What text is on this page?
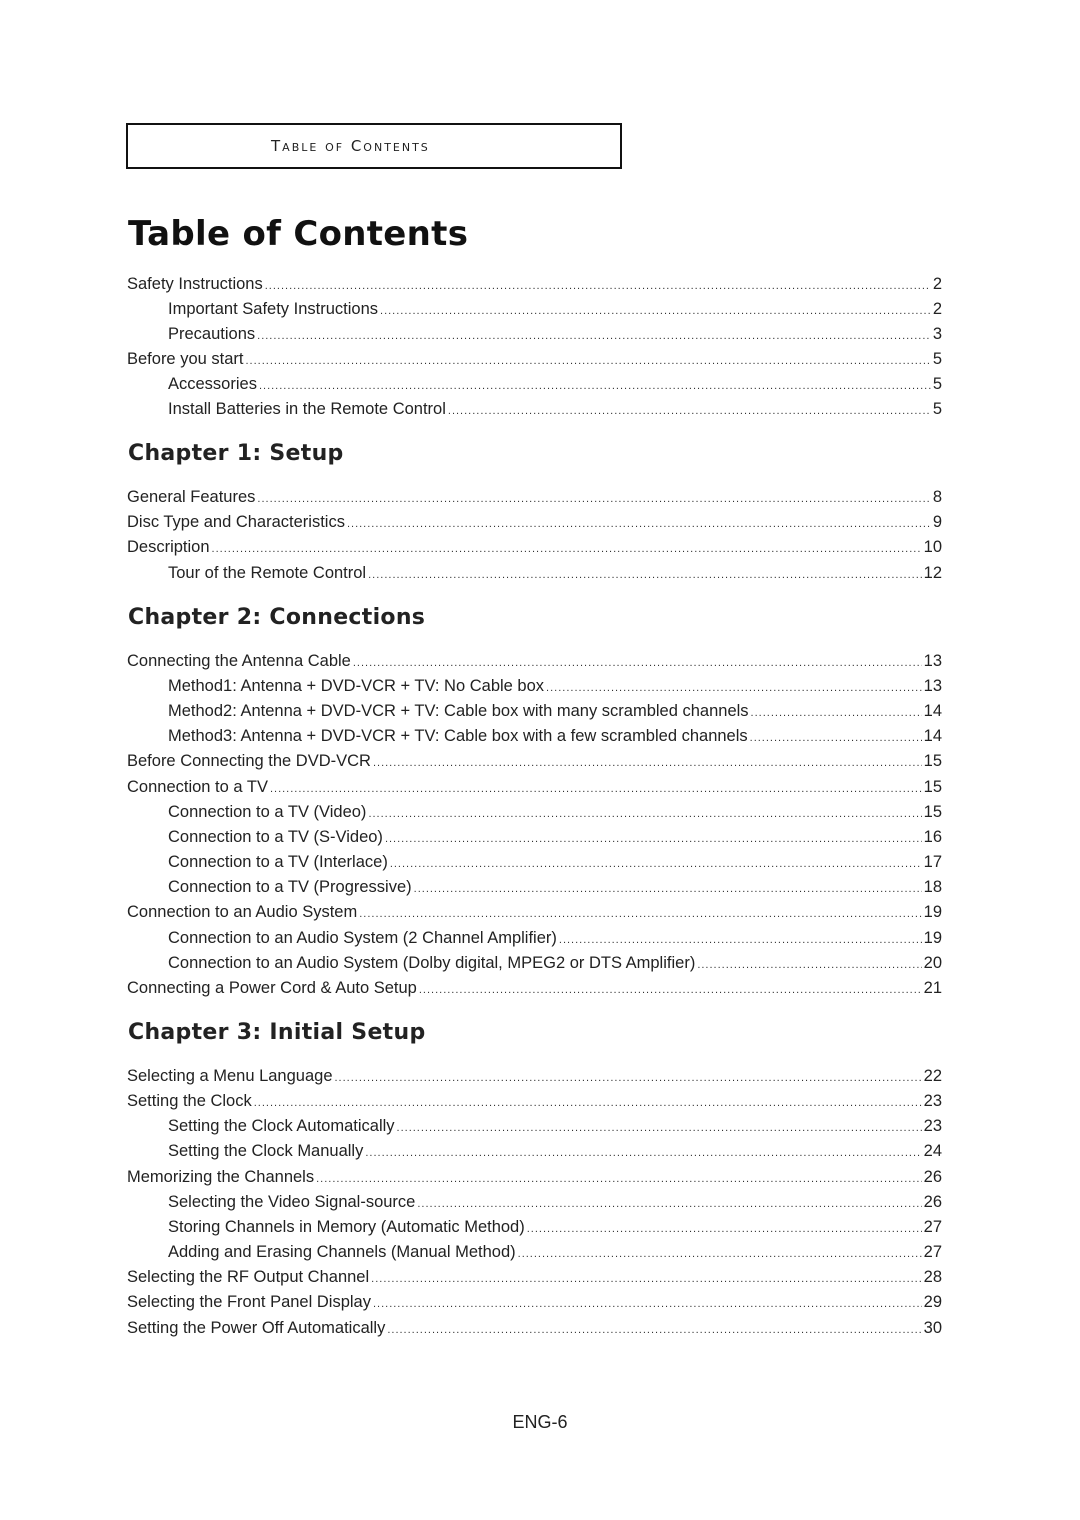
Table of Contents
Table of Contents
Safety Instructions .....	2
Important Safety Instructions .....	2
Precautions .....	3
Before you start .....	5
Accessories .....	5
Install Batteries in the Remote Control .....	5
Chapter 1: Setup
General Features .....	8
Disc Type and Characteristics .....	9
Description .....	10
Tour of the Remote Control .....	12
Chapter 2: Connections
Connecting the Antenna Cable .....	13
Method1: Antenna + DVD-VCR + TV: No Cable box .....	13
Method2: Antenna + DVD-VCR + TV: Cable box with many scrambled channels .....	14
Method3: Antenna + DVD-VCR + TV: Cable box with a few scrambled channels .....	14
Before Connecting the DVD-VCR .....	15
Connection to a TV .....	15
Connection to a TV (Video) .....	15
Connection to a TV (S-Video) .....	16
Connection to a TV (Interlace) .....	17
Connection to a TV (Progressive) .....	18
Connection to an Audio System .....	19
Connection to an Audio System (2 Channel Amplifier) .....	19
Connection to an Audio System (Dolby digital, MPEG2 or DTS Amplifier) .....	20
Connecting a Power Cord & Auto Setup .....	21
Chapter 3: Initial Setup
Selecting a Menu Language .....	22
Setting the Clock .....	23
Setting the Clock Automatically .....	23
Setting the Clock Manually .....	24
Memorizing the Channels .....	26
Selecting the Video Signal-source .....	26
Storing Channels in Memory (Automatic Method) .....	27
Adding and Erasing Channels (Manual Method) .....	27
Selecting the RF Output Channel .....	28
Selecting the Front Panel Display .....	29
Setting the Power Off Automatically .....	30
ENG-6
